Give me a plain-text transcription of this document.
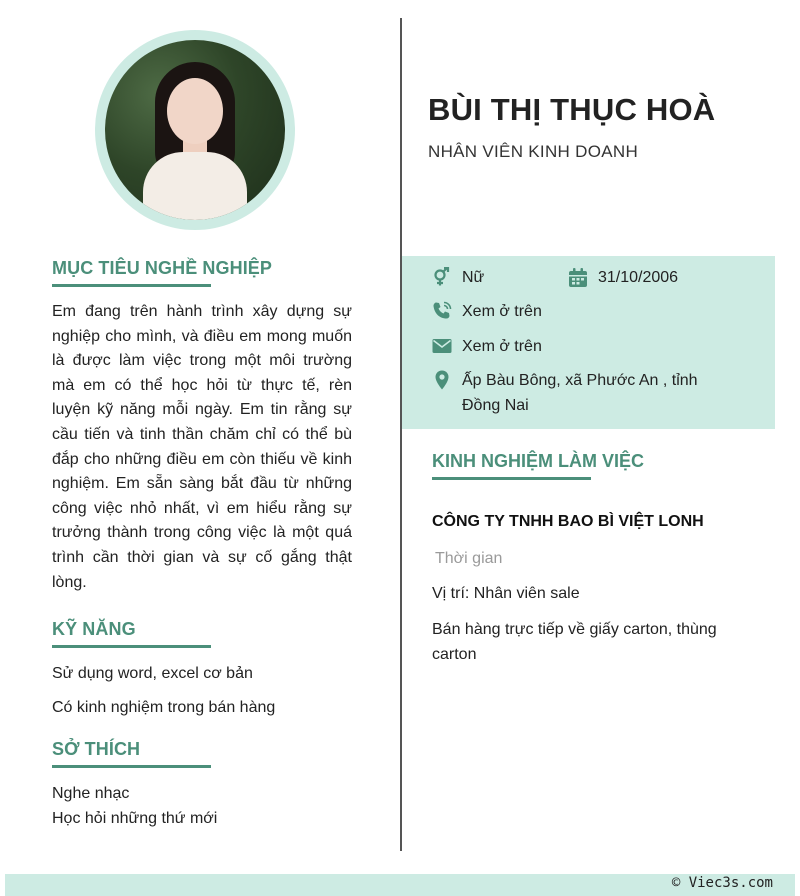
MỤC TIÊU NGHỀ NGHIỆP
Em đang trên hành trình xây dựng sự nghiệp cho mình, và điều em mong muốn là được làm việc trong một môi trường mà em có thể học hỏi từ thực tế, rèn luyện kỹ năng mỗi ngày. Em tin rằng sự cầu tiến và tinh thần chăm chỉ có thể bù đắp cho những điều em còn thiếu về kinh nghiệm. Em sẵn sàng bắt đầu từ những công việc nhỏ nhất, vì em hiểu rằng sự trưởng thành trong công việc là một quá trình cần thời gian và sự cố gắng thật lòng.
KỸ NĂNG
Sử dụng word, excel cơ bản
Có kinh nghiệm trong bán hàng
SỞ THÍCH
Nghe nhạc
Học hỏi những thứ mới
BÙI THỊ THỤC HOÀ
NHÂN VIÊN KINH DOANH
Nữ	31/10/2006
Xem ở trên
Xem ở trên
Ấp Bàu Bông, xã Phước An , tỉnh Đồng Nai
KINH NGHIỆM LÀM VIỆC
CÔNG TY TNHH BAO BÌ VIỆT LONH
Thời gian
Vị trí: Nhân viên sale
Bán hàng trực tiếp về giấy carton, thùng carton
© Viec3s.com
